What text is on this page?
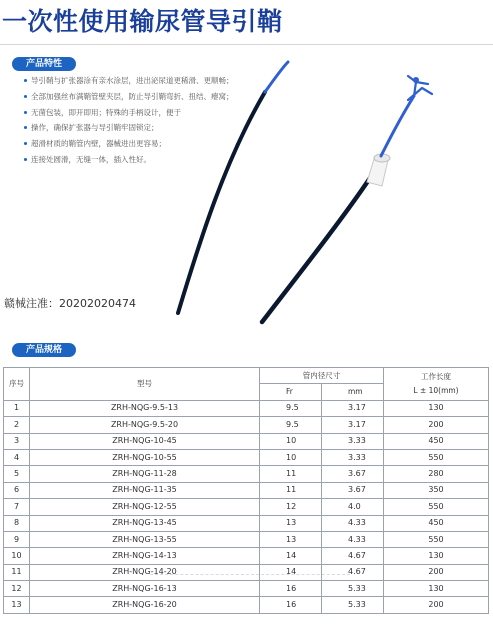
一次性使用输尿管导引鞘
产品特性
导引鞘与扩张器涂有亲水涂层，进出泌尿道更稀滑、更顺畅；
全部加强丝布满鞘管壁夹层，防止导引鞘弯折、扭结、瘪窝；
无菌包装，即开即用；特殊的手柄设计，便于
操作，确保扩张器与导引鞘牢固锁定；
超滑材质的鞘管内壁，器械进出更容易；
连接处圆滑，无缝一体，插入性好。
赣械注准：20202020474
产品规格
序号	型号	管内径尺寸		工作长度
L ± 10(mm)

		Fr	mm	
1	ZRH-NQG-9.5-13	9.5	3.17	130
2	ZRH-NQG-9.5-20	9.5	3.17	200
3	ZRH-NQG-10-45	10	3.33	450
4	ZRH-NQG-10-55	10	3.33	550
5	ZRH-NQG-11-28	11	3.67	280
6	ZRH-NQG-11-35	11	3.67	350
7	ZRH-NQG-12-55	12	4.0	550
8	ZRH-NQG-13-45	13	4.33	450
9	ZRH-NQG-13-55	13	4.33	550
10	ZRH-NQG-14-13	14	4.67	130
11	ZRH-NQG-14-20	14	4.67	200
12	ZRH-NQG-16-13	16	5.33	130
13	ZRH-NQG-16-20	16	5.33	200
